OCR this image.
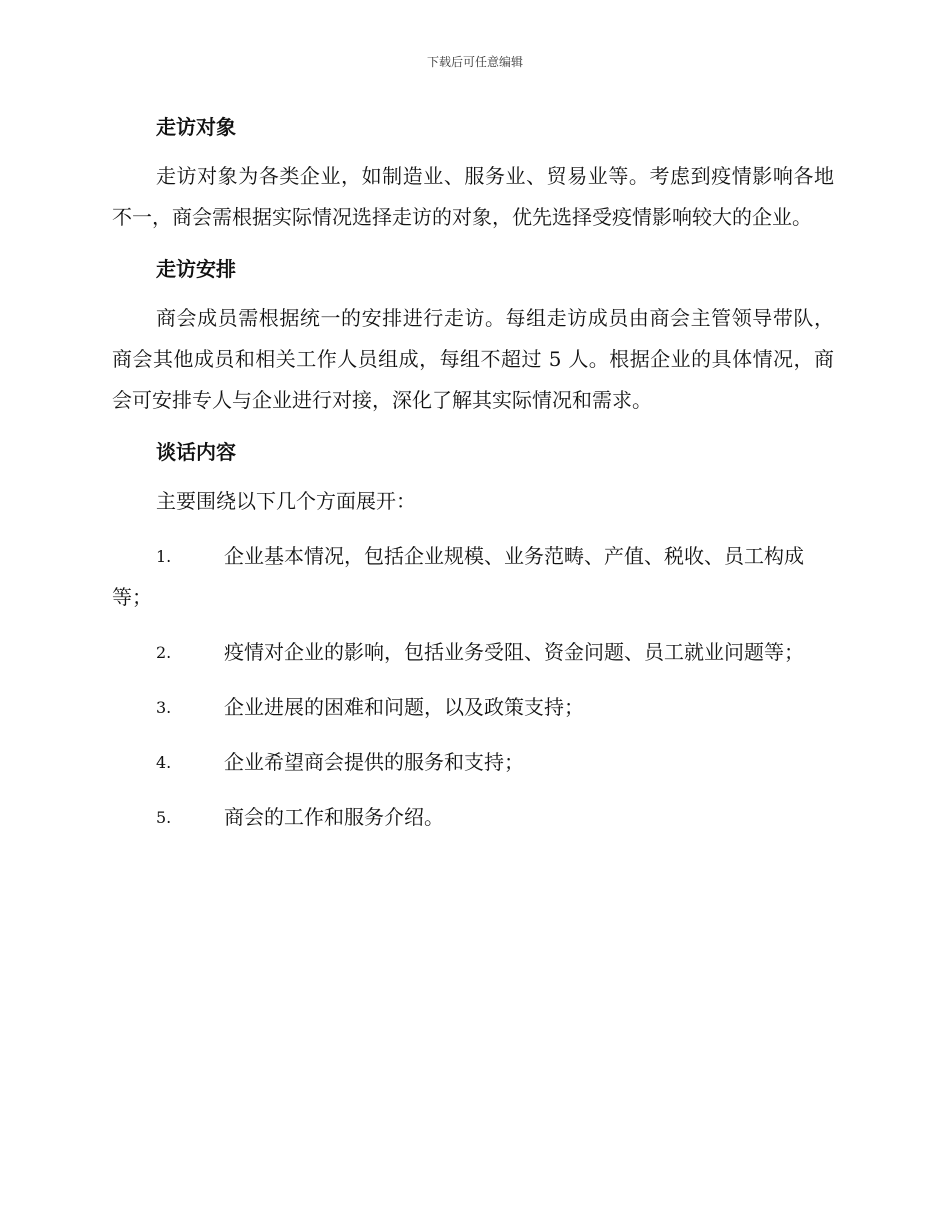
下载后可任意编辑
走访对象

走访对象为各类企业，如制造业、服务业、贸易业等。考虑到疫情影响各地不一，商会需根据实际情况选择走访的对象，优先选择受疫情影响较大的企业。

走访安排

商会成员需根据统一的安排进行走访。每组走访成员由商会主管领导带队，商会其他成员和相关工作人员组成，每组不超过 5 人。根据企业的具体情况，商会可安排专人与企业进行对接，深化了解其实际情况和需求。

谈话内容

主要围绕以下几个方面展开：

1.	企业基本情况，包括企业规模、业务范畴、产值、税收、员工构成等；
2.	疫情对企业的影响，包括业务受阻、资金问题、员工就业问题等；
3.	企业进展的困难和问题，以及政策支持；
4.	企业希望商会提供的服务和支持；
5.	商会的工作和服务介绍。
